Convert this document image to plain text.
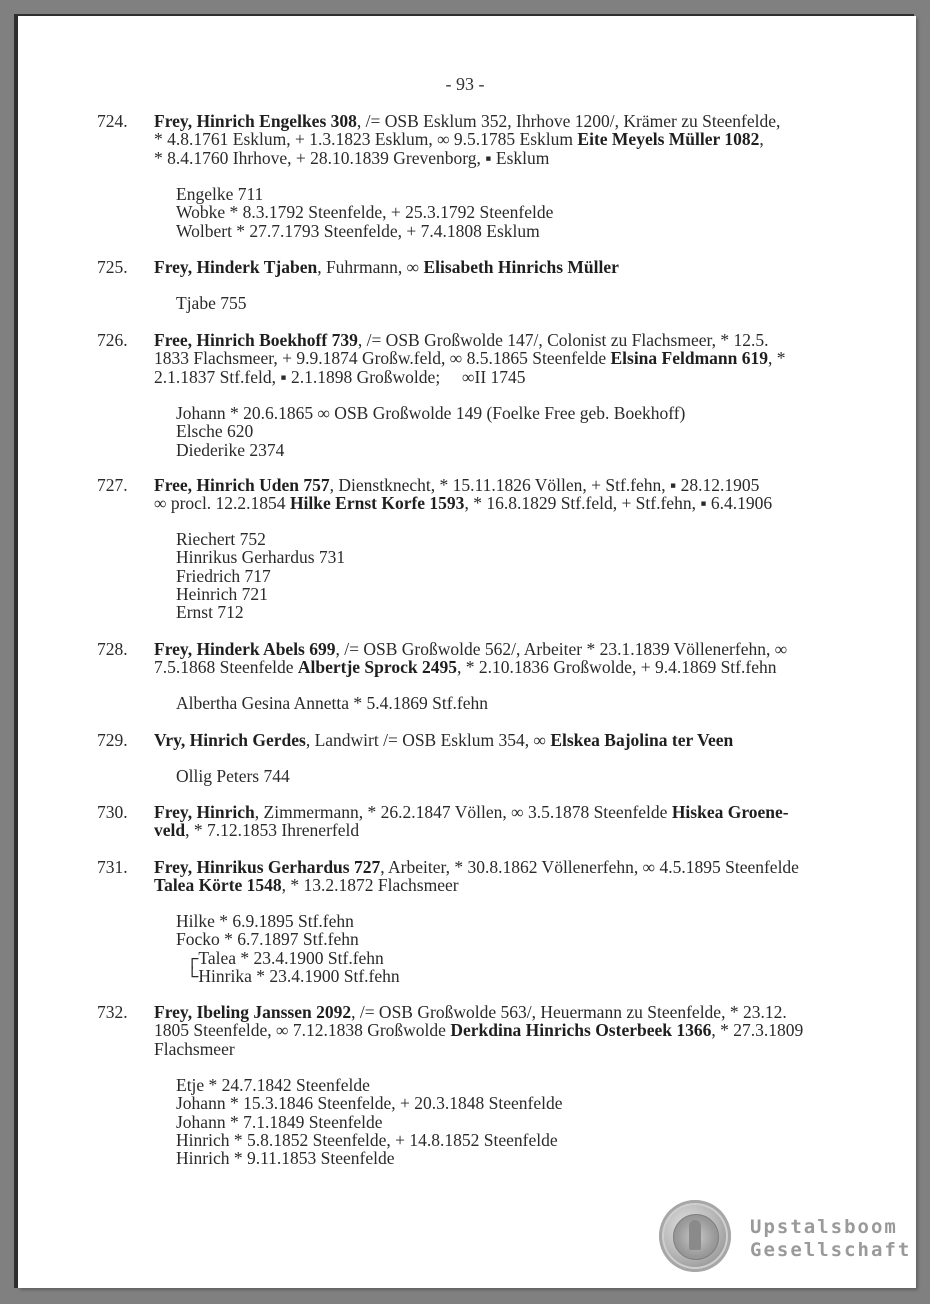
- 93 -
724. Frey, Hinrich Engelkes 308, /= OSB Esklum 352, Ihrhove 1200/, Krämer zu Steenfelde,
* 4.8.1761 Esklum, + 1.3.1823 Esklum, ∞ 9.5.1785 Esklum Eite Meyels Müller 1082,
* 8.4.1760 Ihrhove, + 28.10.1839 Grevenborg, ▪ Esklum
Engelke 711
Wobke * 8.3.1792 Steenfelde, + 25.3.1792 Steenfelde
Wolbert * 27.7.1793 Steenfelde, + 7.4.1808 Esklum
725. Frey, Hinderk Tjaben, Fuhrmann, ∞ Elisabeth Hinrichs Müller
Tjabe 755
726. Free, Hinrich Boekhoff 739, /= OSB Großwolde 147/, Colonist zu Flachsmeer, * 12.5.
1833 Flachsmeer, + 9.9.1874 Großw.feld, ∞ 8.5.1865 Steenfelde Elsina Feldmann 619, *
2.1.1837 Stf.feld, ▪ 2.1.1898 Großwolde;     ∞II 1745
Johann * 20.6.1865 ∞ OSB Großwolde 149 (Foelke Free geb. Boekhoff)
Elsche 620
Diederike 2374
727. Free, Hinrich Uden 757, Dienstknecht, * 15.11.1826 Völlen, + Stf.fehn, ▪ 28.12.1905
∞ procl. 12.2.1854 Hilke Ernst Korfe 1593, * 16.8.1829 Stf.feld, + Stf.fehn, ▪ 6.4.1906
Riechert 752
Hinrikus Gerhardus 731
Friedrich 717
Heinrich 721
Ernst 712
728. Frey, Hinderk Abels 699, /= OSB Großwolde 562/, Arbeiter * 23.1.1839 Völlenerfehn, ∞
7.5.1868 Steenfelde Albertje Sprock 2495, * 2.10.1836 Großwolde, + 9.4.1869 Stf.fehn
Albertha Gesina Annetta * 5.4.1869 Stf.fehn
729. Vry, Hinrich Gerdes, Landwirt /= OSB Esklum 354, ∞ Elskea Bajolina ter Veen
Ollig Peters 744
730. Frey, Hinrich, Zimmermann, * 26.2.1847 Völlen, ∞ 3.5.1878 Steenfelde Hiskea Groene-
veld, * 7.12.1853 Ihrenerfeld
731. Frey, Hinrikus Gerhardus 727, Arbeiter, * 30.8.1862 Völlenerfehn, ∞ 4.5.1895 Steenfelde
Talea Körte 1548, * 13.2.1872 Flachsmeer
Hilke * 6.9.1895 Stf.fehn
Focko * 6.7.1897 Stf.fehn
┌Talea * 23.4.1900 Stf.fehn
└Hinrika * 23.4.1900 Stf.fehn
732. Frey, Ibeling Janssen 2092, /= OSB Großwolde 563/, Heuermann zu Steenfelde, * 23.12.
1805 Steenfelde, ∞ 7.12.1838 Großwolde Derkdina Hinrichs Osterbeek 1366, * 27.3.1809
Flachsmeer
Etje * 24.7.1842 Steenfelde
Johann * 15.3.1846 Steenfelde, + 20.3.1848 Steenfelde
Johann * 7.1.1849 Steenfelde
Hinrich * 5.8.1852 Steenfelde, + 14.8.1852 Steenfelde
Hinrich * 9.11.1853 Steenfelde
Upstalsboom
Gesellschaft
